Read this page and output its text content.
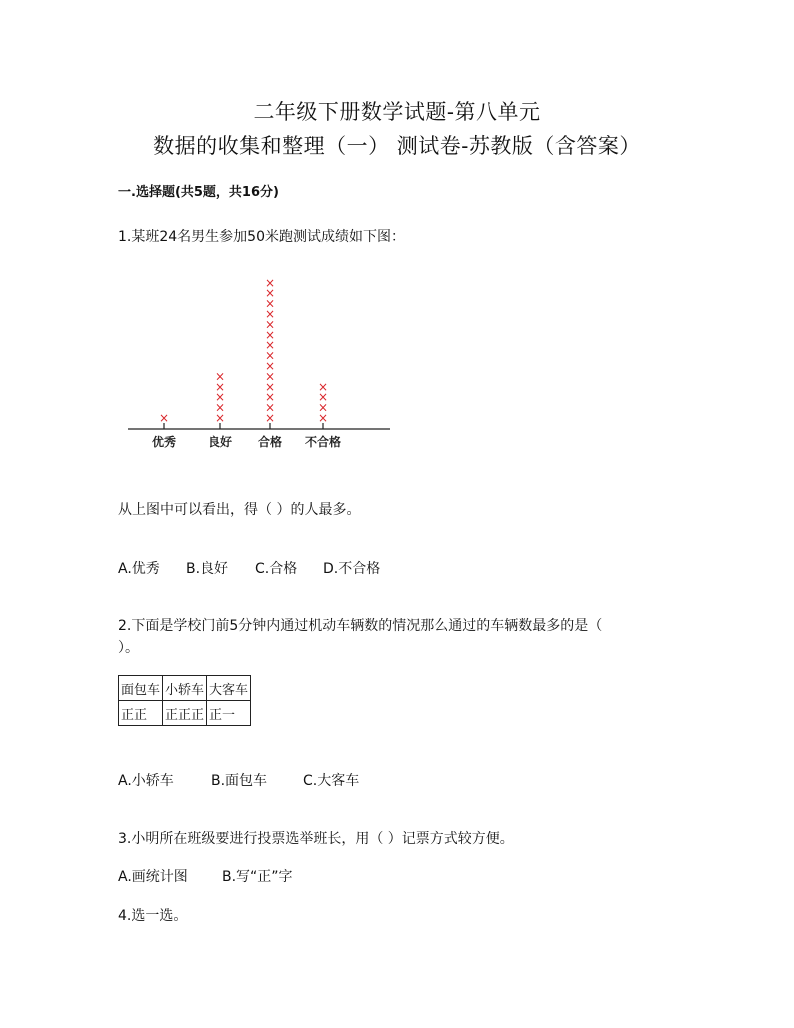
二年级下册数学试题-第八单元
数据的收集和整理（一） 测试卷-苏教版（含答案）
一.选择题(共5题，共16分)
1.某班24名男生参加50米跑测试成绩如下图：
优秀
×
良好
×
×
×
×
×
合格
×
×
×
×
×
×
×
×
×
×
×
×
×
×
不合格
×
×
×
×
从上图中可以看出，得（ ）的人最多。
A.优秀 B.良好 C.合格 D.不合格
2.下面是学校门前5分钟内通过机动车辆数的情况那么通过的车辆数最多的是（
）。
面包车	小轿车	大客车
正正	正正正	正一
A.小轿车	B.面包车	C.大客车
3.小明所在班级要进行投票选举班长，用（ ）记票方式较方便。
A.画统计图 B.写“正”字
4.选一选。
